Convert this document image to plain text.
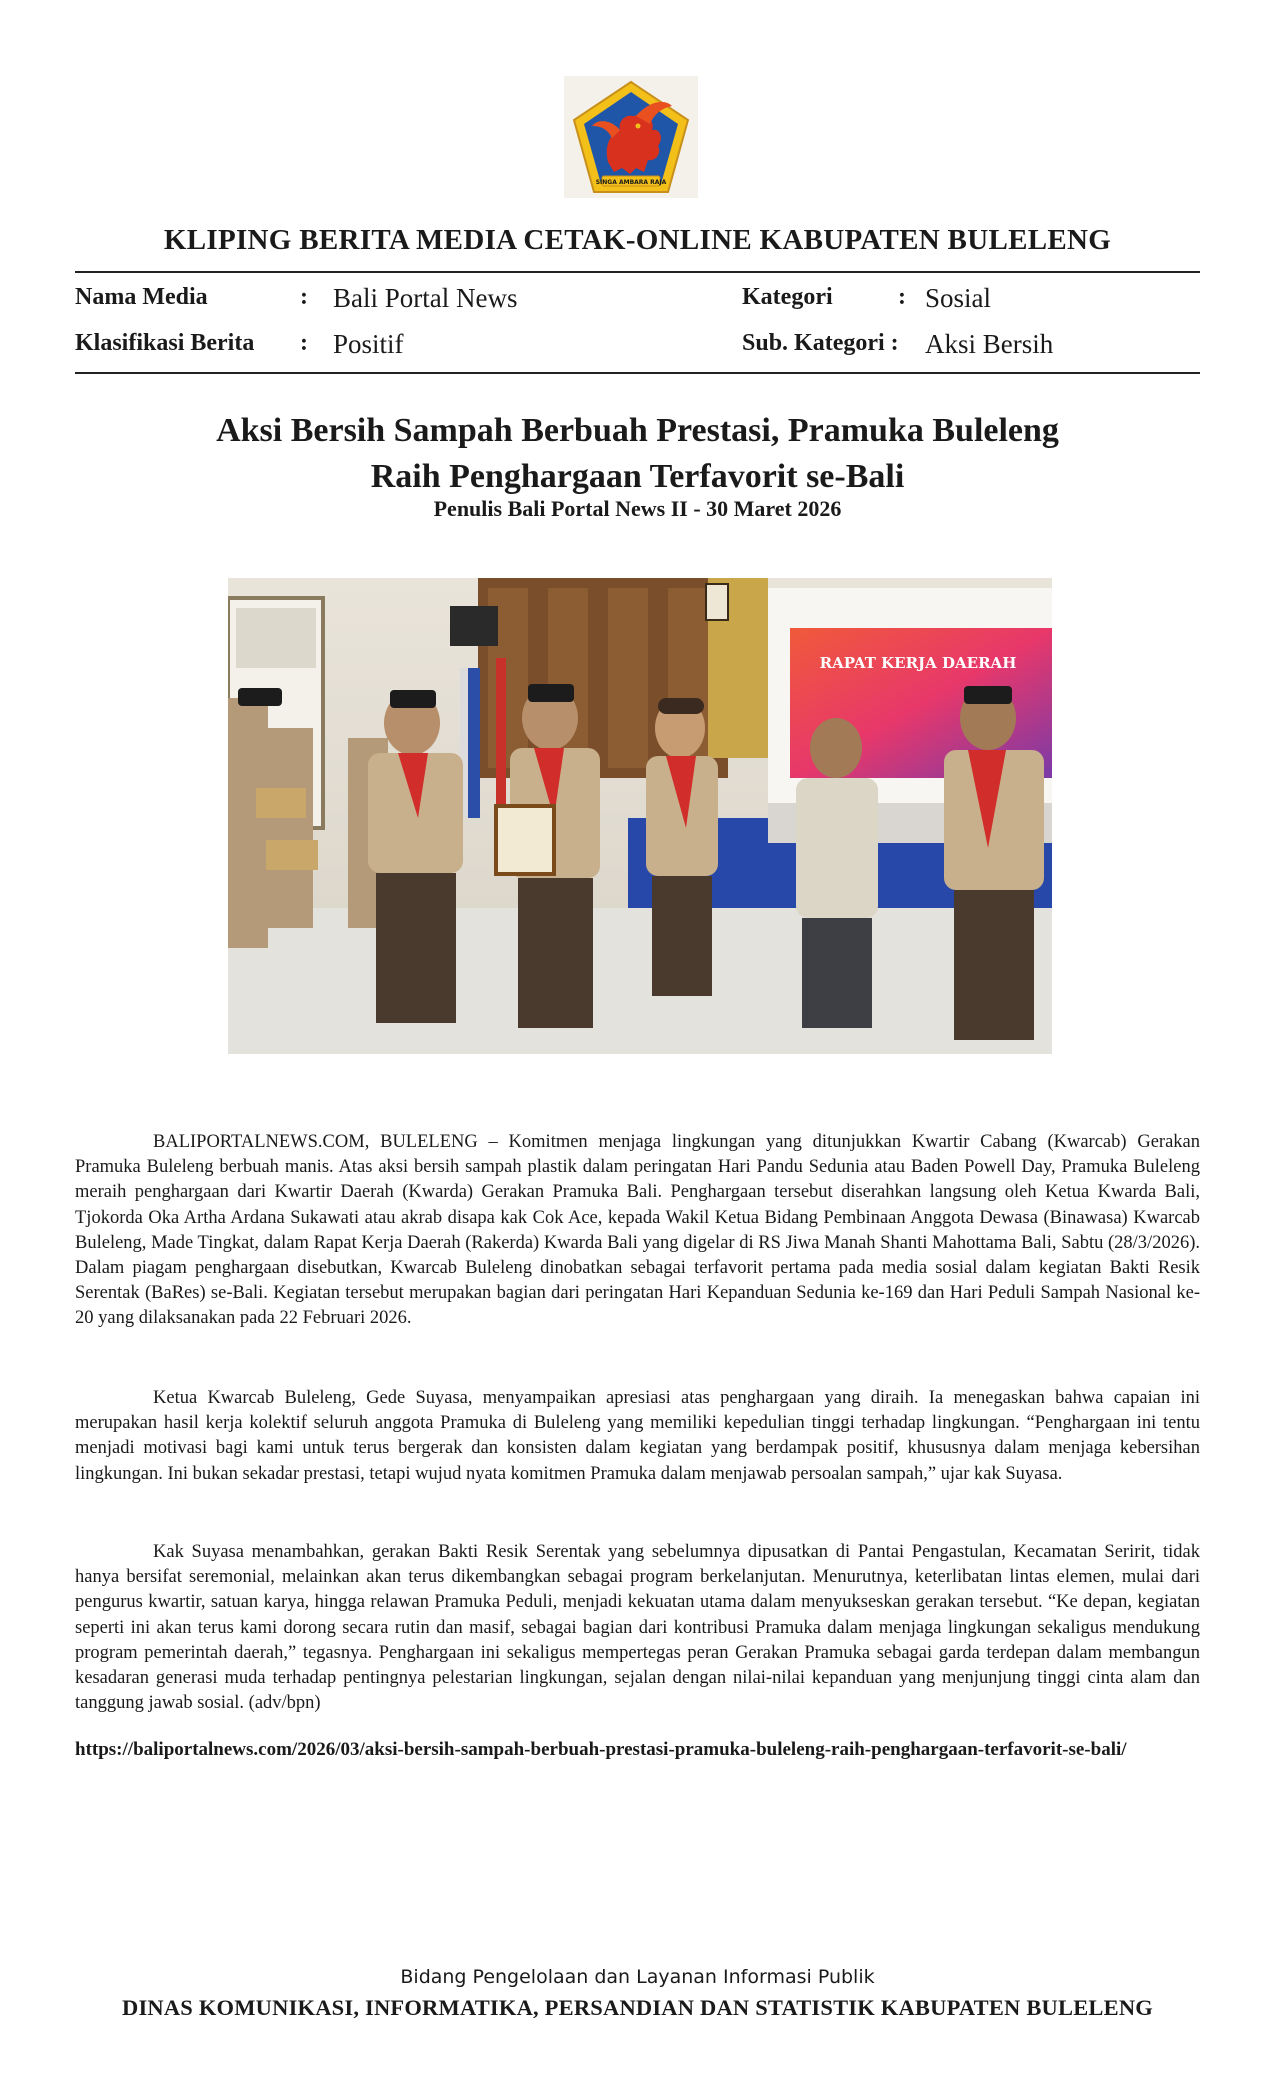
SINGA AMBARA RAJA
KLIPING BERITA MEDIA CETAK-ONLINE KABUPATEN BULELENG
Nama Media	: Bali Portal News
Klasifikasi Berita : Positif
Kategori	: Sosial
Sub. Kategori : Aksi Bersih
Aksi Bersih Sampah Berbuah Prestasi, Pramuka Buleleng
Raih Penghargaan Terfavorit se-Bali
Penulis Bali Portal News II - 30 Maret 2026
RAPAT KERJA DAERAH

BALIPORTALNEWS.COM, BULELENG – Komitmen menjaga lingkungan yang ditunjukkan Kwartir Cabang (Kwarcab) Gerakan Pramuka Buleleng berbuah manis. Atas aksi bersih sampah plastik dalam peringatan Hari Pandu Sedunia atau Baden Powell Day, Pramuka Buleleng meraih penghargaan dari Kwartir Daerah (Kwarda) Gerakan Pramuka Bali. Penghargaan tersebut diserahkan langsung oleh Ketua Kwarda Bali, Tjokorda Oka Artha Ardana Sukawati atau akrab disapa kak Cok Ace, kepada Wakil Ketua Bidang Pembinaan Anggota Dewasa (Binawasa) Kwarcab Buleleng, Made Tingkat, dalam Rapat Kerja Daerah (Rakerda) Kwarda Bali yang digelar di RS Jiwa Manah Shanti Mahottama Bali, Sabtu (28/3/2026). Dalam piagam penghargaan disebutkan, Kwarcab Buleleng dinobatkan sebagai terfavorit pertama pada media sosial dalam kegiatan Bakti Resik Serentak (BaRes) se-Bali. Kegiatan tersebut merupakan bagian dari peringatan Hari Kepanduan Sedunia ke-169 dan Hari Peduli Sampah Nasional ke-20 yang dilaksanakan pada 22 Februari 2026.

Ketua Kwarcab Buleleng, Gede Suyasa, menyampaikan apresiasi atas penghargaan yang diraih. Ia menegaskan bahwa capaian ini merupakan hasil kerja kolektif seluruh anggota Pramuka di Buleleng yang memiliki kepedulian tinggi terhadap lingkungan. “Penghargaan ini tentu menjadi motivasi bagi kami untuk terus bergerak dan konsisten dalam kegiatan yang berdampak positif, khususnya dalam menjaga kebersihan lingkungan. Ini bukan sekadar prestasi, tetapi wujud nyata komitmen Pramuka dalam menjawab persoalan sampah,” ujar kak Suyasa.

Kak Suyasa menambahkan, gerakan Bakti Resik Serentak yang sebelumnya dipusatkan di Pantai Pengastulan, Kecamatan Seririt, tidak hanya bersifat seremonial, melainkan akan terus dikembangkan sebagai program berkelanjutan. Menurutnya, keterlibatan lintas elemen, mulai dari pengurus kwartir, satuan karya, hingga relawan Pramuka Peduli, menjadi kekuatan utama dalam menyukseskan gerakan tersebut. “Ke depan, kegiatan seperti ini akan terus kami dorong secara rutin dan masif, sebagai bagian dari kontribusi Pramuka dalam menjaga lingkungan sekaligus mendukung program pemerintah daerah,” tegasnya. Penghargaan ini sekaligus mempertegas peran Gerakan Pramuka sebagai garda terdepan dalam membangun kesadaran generasi muda terhadap pentingnya pelestarian lingkungan, sejalan dengan nilai-nilai kepanduan yang menjunjung tinggi cinta alam dan tanggung jawab sosial. (adv/bpn)

https://baliportalnews.com/2026/03/aksi-bersih-sampah-berbuah-prestasi-pramuka-buleleng-raih-penghargaan-terfavorit-se-bali/
Bidang Pengelolaan dan Layanan Informasi Publik
DINAS KOMUNIKASI, INFORMATIKA, PERSANDIAN DAN STATISTIK KABUPATEN BULELENG
